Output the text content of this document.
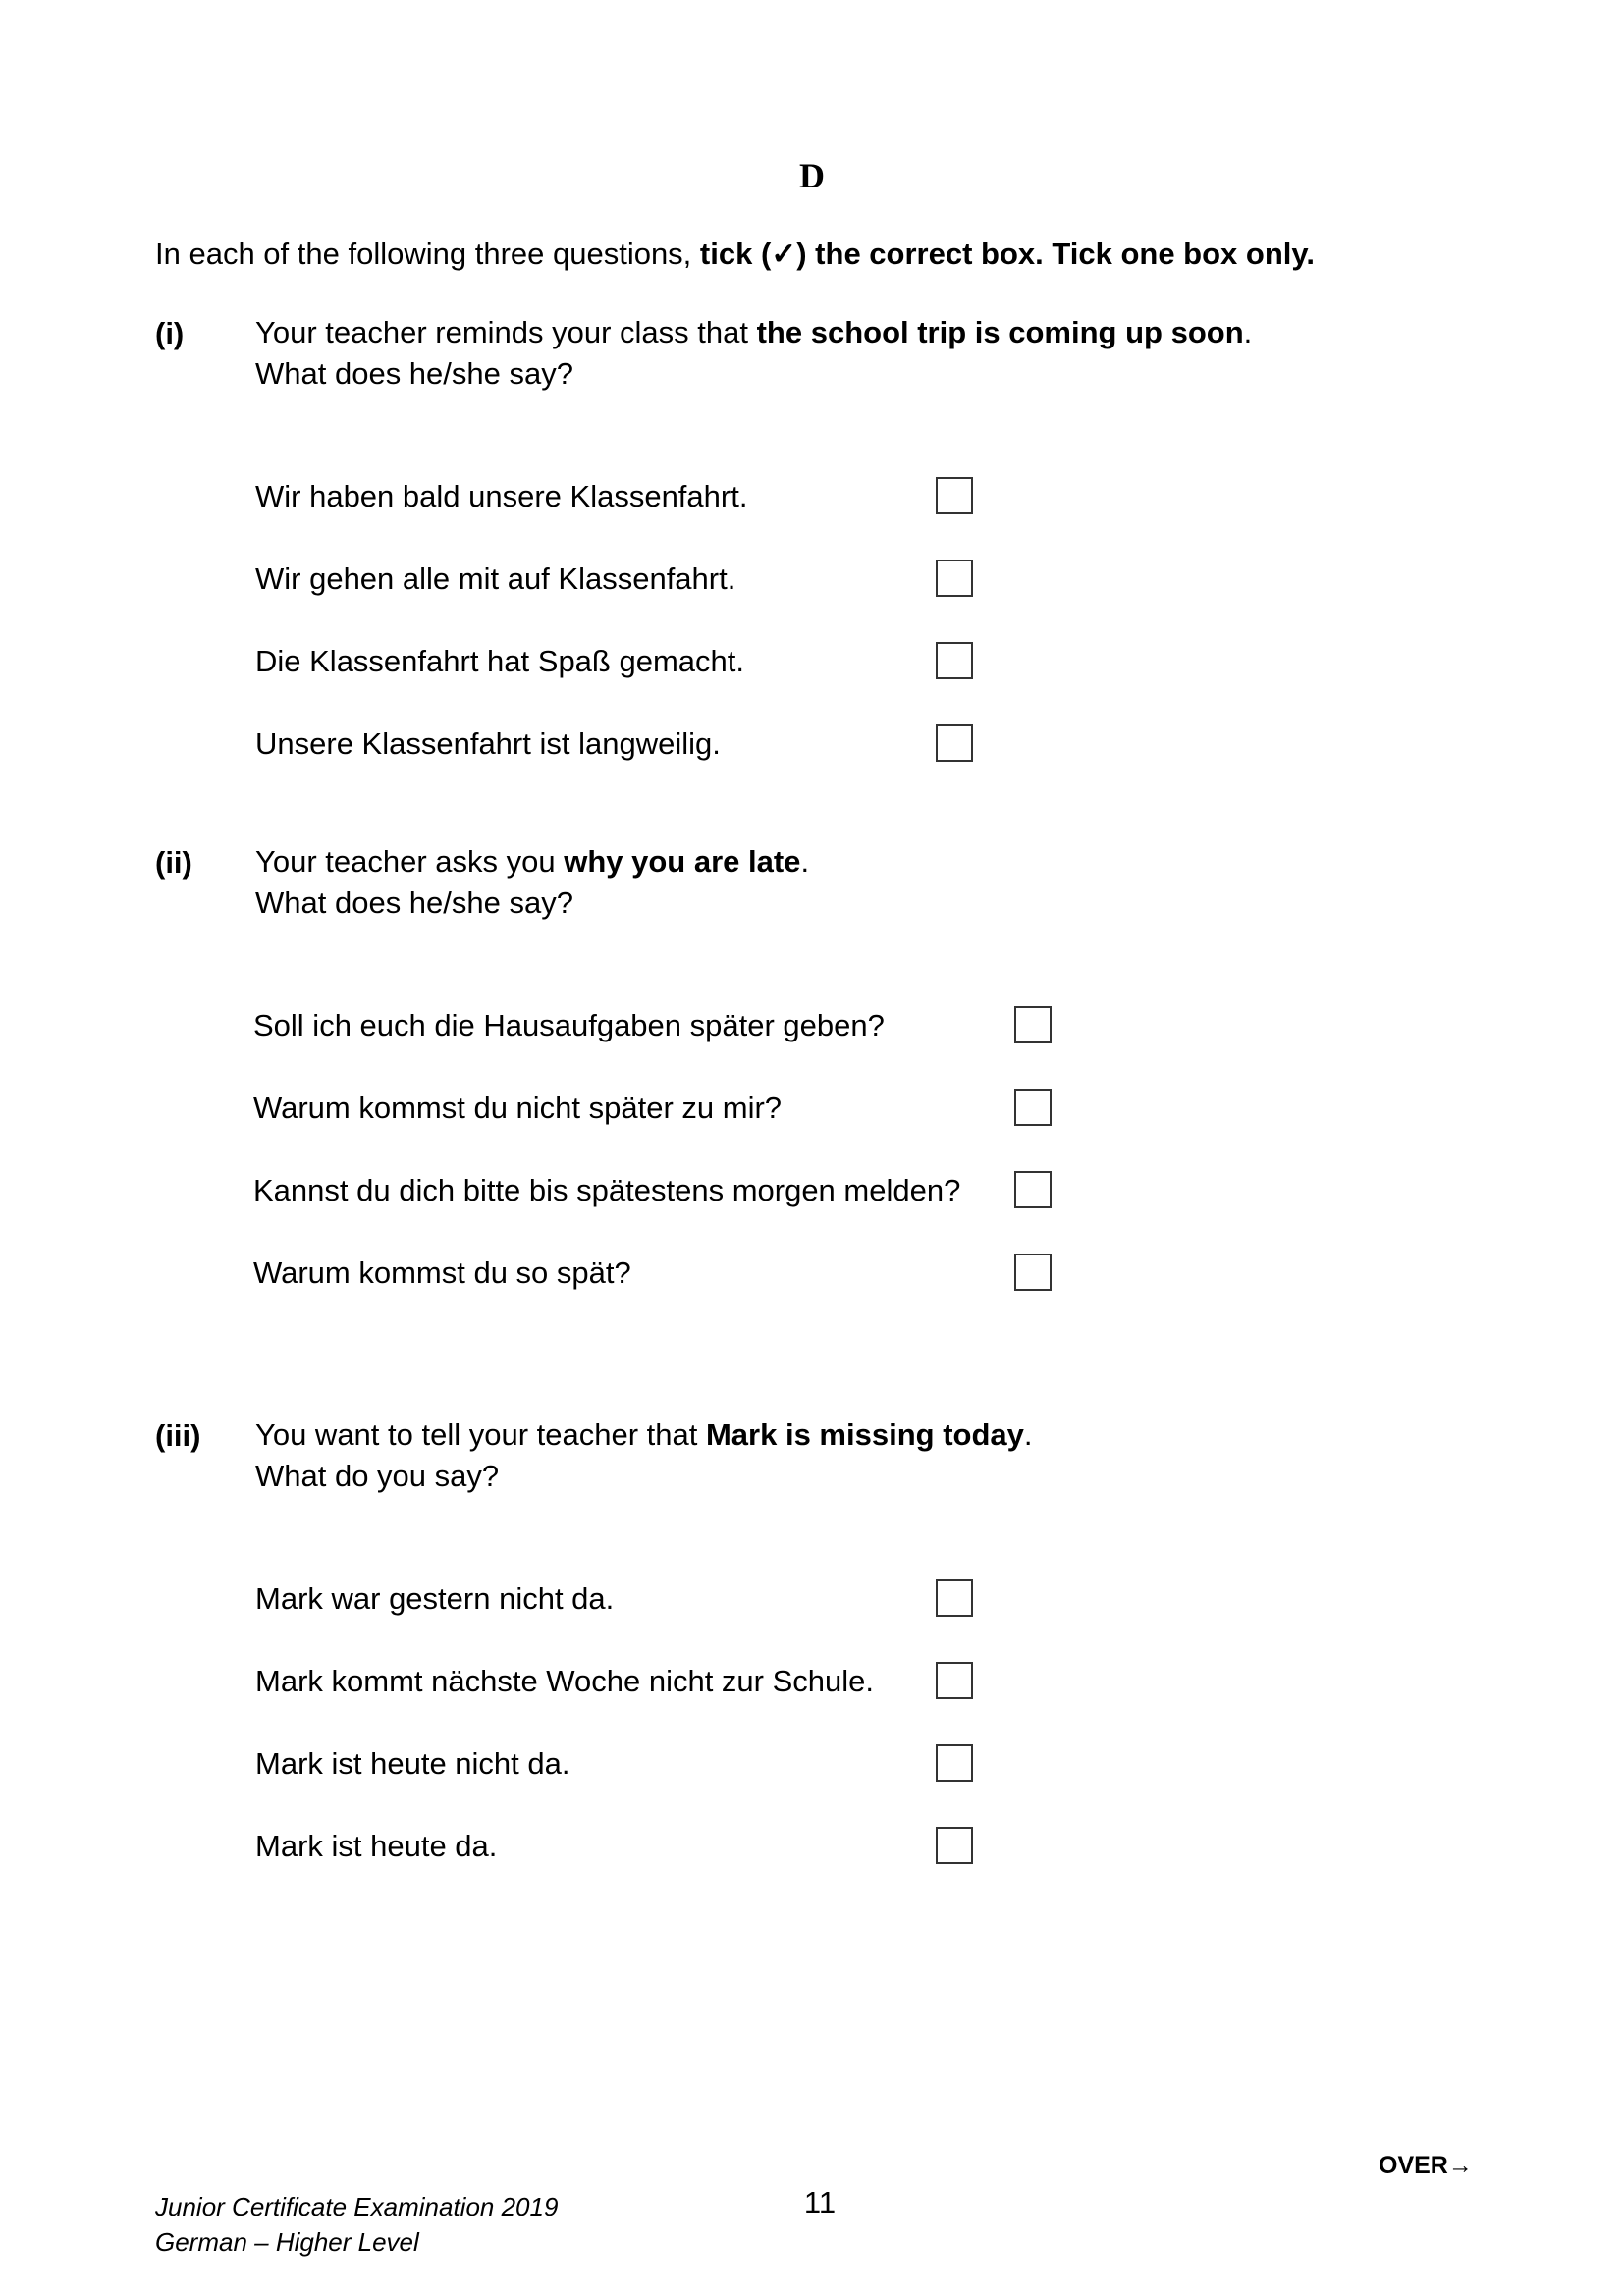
D
In each of the following three questions, tick (✓) the correct box. Tick one box only.
(i) Your teacher reminds your class that the school trip is coming up soon.
What does he/she say?
Wir haben bald unsere Klassenfahrt.
Wir gehen alle mit auf Klassenfahrt.
Die Klassenfahrt hat Spaß gemacht.
Unsere Klassenfahrt ist langweilig.
(ii) Your teacher asks you why you are late.
What does he/she say?
Soll ich euch die Hausaufgaben später geben?
Warum kommst du nicht später zu mir?
Kannst du dich bitte bis spätestens morgen melden?
Warum kommst du so spät?
(iii) You want to tell your teacher that Mark is missing today.
What do you say?
Mark war gestern nicht da.
Mark kommt nächste Woche nicht zur Schule.
Mark ist heute nicht da.
Mark ist heute da.
OVER→
Junior Certificate Examination 2019
German – Higher Level
11
